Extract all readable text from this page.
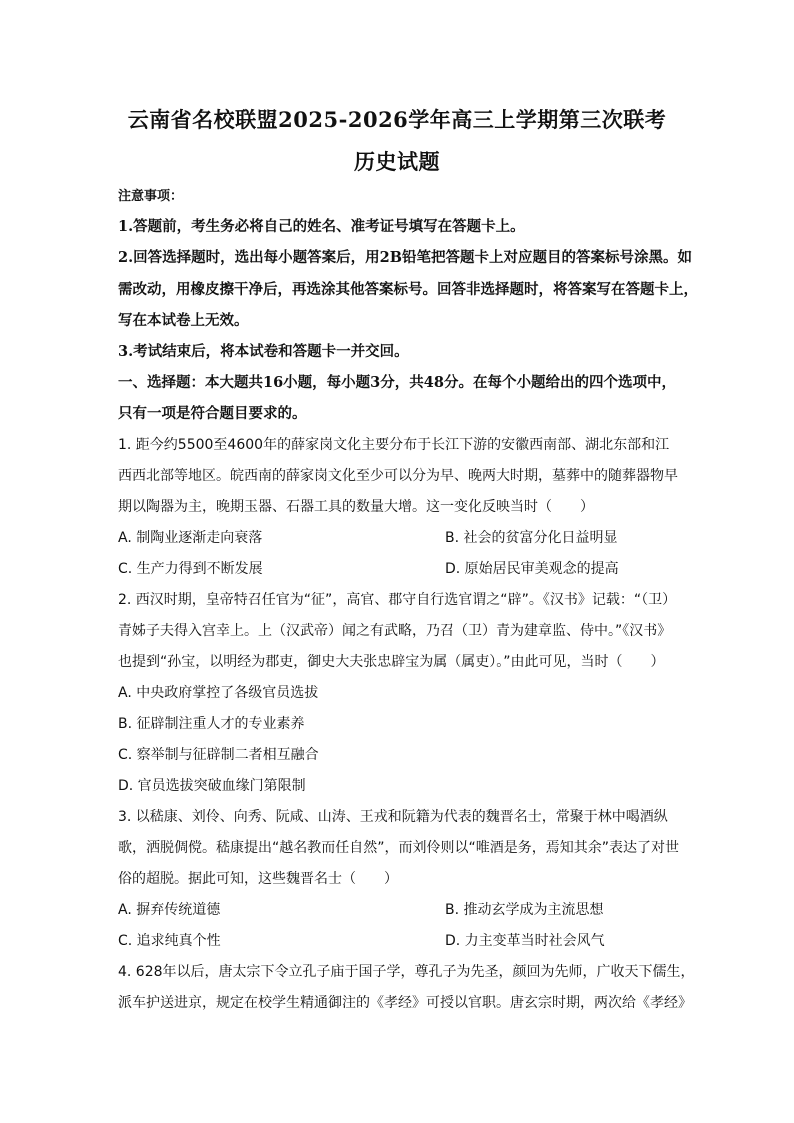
云南省名校联盟2025-2026学年高三上学期第三次联考
历史试题
注意事项：
1.答题前，考生务必将自己的姓名、准考证号填写在答题卡上。
2.回答选择题时，选出每小题答案后，用2B铅笔把答题卡上对应题目的答案标号涂黑。如
需改动，用橡皮擦干净后，再选涂其他答案标号。回答非选择题时，将答案写在答题卡上，
写在本试卷上无效。
3.考试结束后，将本试卷和答题卡一并交回。
一、选择题：本大题共16小题，每小题3分，共48分。在每个小题给出的四个选项中，
只有一项是符合题目要求的。
1. 距今约5500至4600年的薛家岗文化主要分布于长江下游的安徽西南部、湖北东部和江
西西北部等地区。皖西南的薛家岗文化至少可以分为早、晚两大时期，墓葬中的随葬器物早
期以陶器为主，晚期玉器、石器工具的数量大增。这一变化反映当时（　　）
A. 制陶业逐渐走向衰落	B. 社会的贫富分化日益明显
C. 生产力得到不断发展	D. 原始居民审美观念的提高
2. 西汉时期，皇帝特召任官为“征”，高官、郡守自行选官谓之“辟”。《汉书》记载：“（卫）
青姊子夫得入宫幸上。上（汉武帝）闻之有武略，乃召（卫）青为建章监、侍中。”《汉书》
也提到“孙宝，以明经为郡吏，御史大夫张忠辟宝为属（属吏）。”由此可见，当时（　　）
A. 中央政府掌控了各级官员选拔
B. 征辟制注重人才的专业素养
C. 察举制与征辟制二者相互融合
D. 官员选拔突破血缘门第限制
3. 以嵇康、刘伶、向秀、阮咸、山涛、王戎和阮籍为代表的魏晋名士，常聚于林中喝酒纵
歌，洒脱倜傥。嵇康提出“越名教而任自然”，而刘伶则以“唯酒是务，焉知其余”表达了对世
俗的超脱。据此可知，这些魏晋名士（　　）
A. 摒弃传统道德	B. 推动玄学成为主流思想
C. 追求纯真个性	D. 力主变革当时社会风气
4. 628年以后，唐太宗下令立孔子庙于国子学，尊孔子为先圣，颜回为先师，广收天下儒生，
派车护送进京，规定在校学生精通御注的《孝经》可授以官职。唐玄宗时期，两次给《孝经》
